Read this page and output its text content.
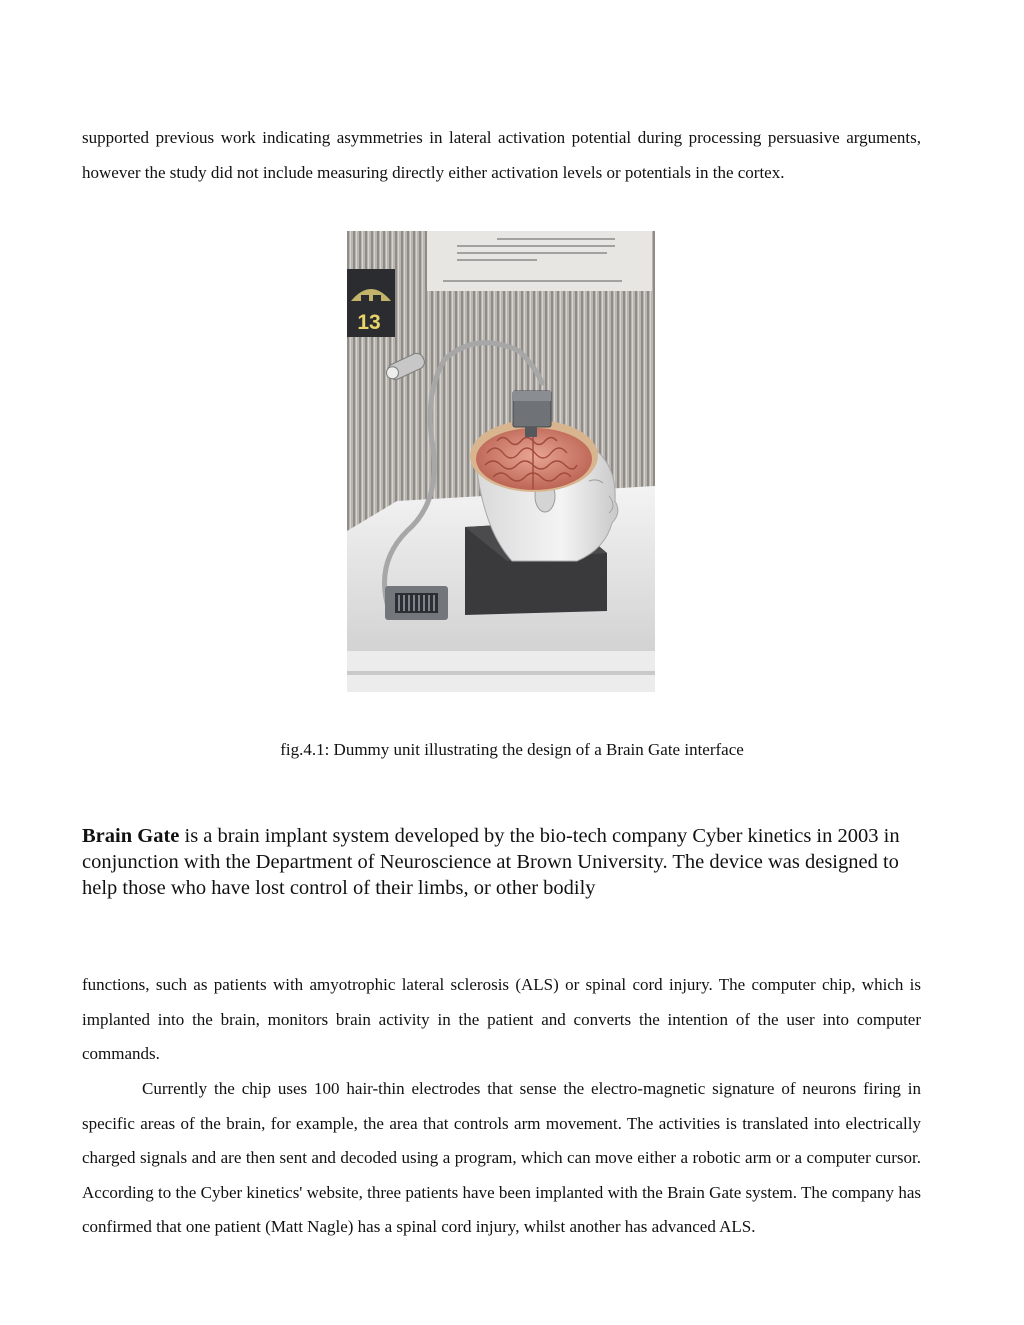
supported previous work indicating asymmetries in lateral activation potential during processing persuasive arguments, however the study did not include measuring directly either activation levels or potentials in the cortex.

13

fig.4.1: Dummy unit illustrating the design of a Brain Gate interface

Brain Gate is a brain implant system developed by the bio-tech company Cyber kinetics in 2003 in conjunction with the Department of Neuroscience at Brown University. The device was designed to help those who have lost control of their limbs, or other bodily

functions, such as patients with amyotrophic lateral sclerosis (ALS) or spinal cord injury. The computer chip, which is implanted into the brain, monitors brain activity in the patient and converts the intention of the user into computer commands.

Currently the chip uses 100 hair-thin electrodes that sense the electro-magnetic signature of neurons firing in specific areas of the brain, for example, the area that controls arm movement. The activities is translated into electrically charged signals and are then sent and decoded using a program, which can move either a robotic arm or a computer cursor. According to the Cyber kinetics' website, three patients have been implanted with the Brain Gate system. The company has confirmed that one patient (Matt Nagle) has a spinal cord injury, whilst another has advanced ALS.
